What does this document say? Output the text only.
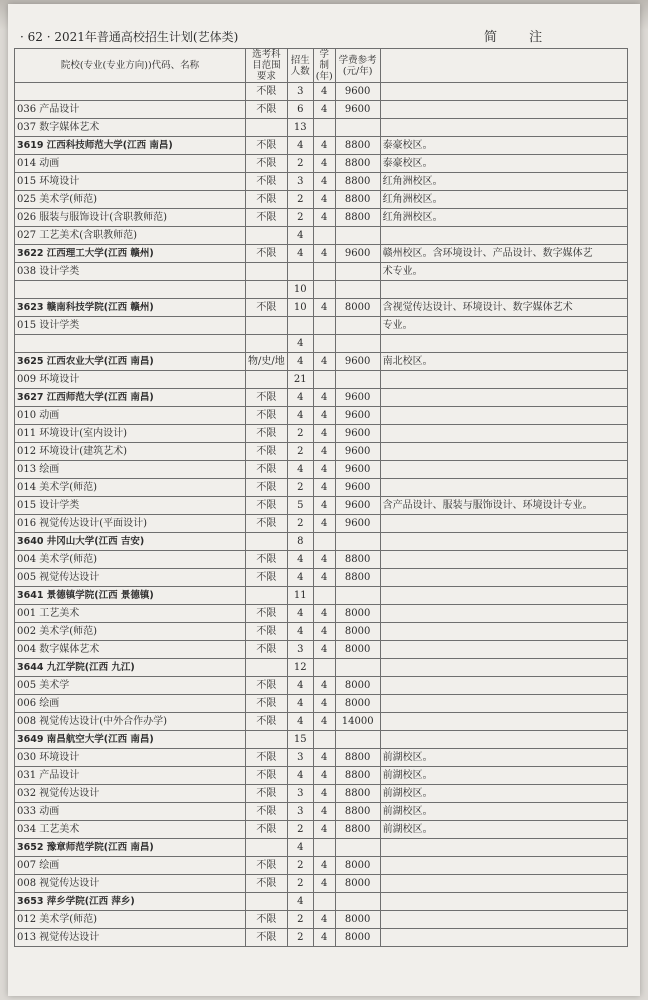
· 62 · 2021年普通高校招生计划(艺体类)	简 注
院校(专业(专业方向))代码、名称	选考科目范围要求	招生人数	学制(年)	学费参考(元/年)	
	不限	3	4	9600	
036 产品设计	不限	6	4	9600	
037 数字媒体艺术		13			
3619 江西科技师范大学(江西 南昌)	不限	4	4	8800	泰豪校区。
014 动画	不限	2	4	8800	泰豪校区。
015 环境设计	不限	3	4	8800	红角洲校区。
025 美术学(师范)	不限	2	4	8800	红角洲校区。
026 服装与服饰设计(含职教师范)	不限	2	4	8800	红角洲校区。
027 工艺美术(含职教师范)		4			
3622 江西理工大学(江西 赣州)	不限	4	4	9600	赣州校区。含环境设计、产品设计、数字媒体艺
038 设计学类					术专业。
		10			
3623 赣南科技学院(江西 赣州)	不限	10	4	8000	含视觉传达设计、环境设计、数字媒体艺术
015 设计学类					专业。
		4			
3625 江西农业大学(江西 南昌)	物/史/地	4	4	9600	南北校区。
009 环境设计		21			
3627 江西师范大学(江西 南昌)	不限	4	4	9600	
010 动画	不限	4	4	9600	
011 环境设计(室内设计)	不限	2	4	9600	
012 环境设计(建筑艺术)	不限	2	4	9600	
013 绘画	不限	4	4	9600	
014 美术学(师范)	不限	2	4	9600	
015 设计学类	不限	5	4	9600	含产品设计、服装与服饰设计、环境设计专业。
016 视觉传达设计(平面设计)	不限	2	4	9600	
3640 井冈山大学(江西 吉安)		8			
004 美术学(师范)	不限	4	4	8800	
005 视觉传达设计	不限	4	4	8800	
3641 景德镇学院(江西 景德镇)		11			
001 工艺美术	不限	4	4	8000	
002 美术学(师范)	不限	4	4	8000	
004 数字媒体艺术	不限	3	4	8000	
3644 九江学院(江西 九江)		12			
005 美术学	不限	4	4	8000	
006 绘画	不限	4	4	8000	
008 视觉传达设计(中外合作办学)	不限	4	4	14000	
3649 南昌航空大学(江西 南昌)		15			
030 环境设计	不限	3	4	8800	前湖校区。
031 产品设计	不限	4	4	8800	前湖校区。
032 视觉传达设计	不限	3	4	8800	前湖校区。
033 动画	不限	3	4	8800	前湖校区。
034 工艺美术	不限	2	4	8800	前湖校区。
3652 豫章师范学院(江西 南昌)		4			
007 绘画	不限	2	4	8000	
008 视觉传达设计	不限	2	4	8000	
3653 萍乡学院(江西 萍乡)		4			
012 美术学(师范)	不限	2	4	8000	
013 视觉传达设计	不限	2	4	8000	
